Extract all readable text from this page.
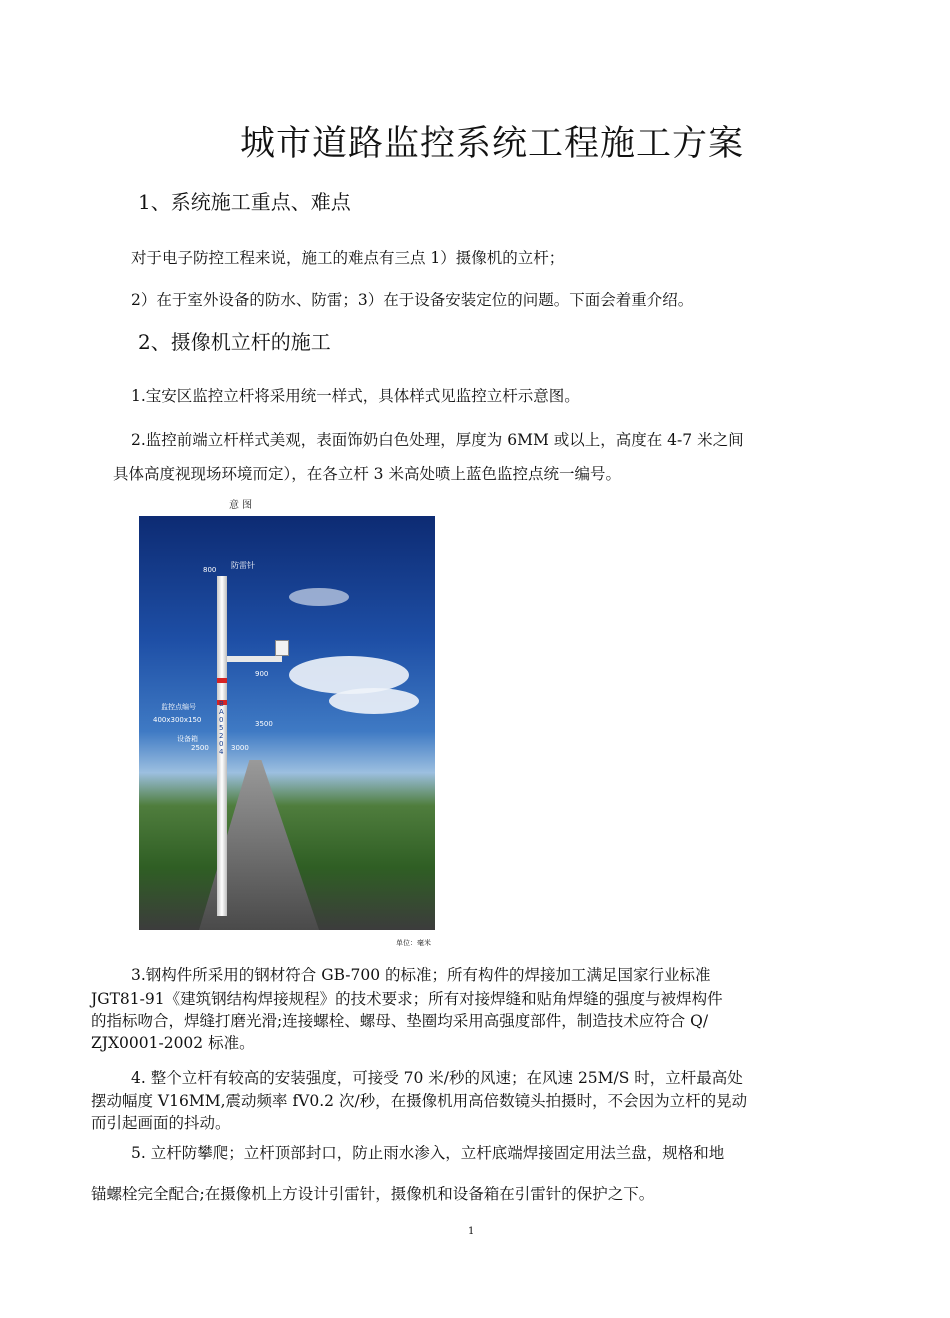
城市道路监控系统工程施工方案
1、系统施工重点、难点
对于电子防控工程来说，施工的难点有三点 1）摄像机的立杆；
2）在于室外设备的防水、防雷；3）在于设备安装定位的问题。下面会着重介绍。
2、摄像机立杆的施工
1.宝安区监控立杆将采用统一样式，具体样式见监控立杆示意图。
2.监控前端立杆样式美观，表面饰奶白色处理，厚度为 6MM 或以上，高度在 4-7 米之间
具体高度视现场环境而定），在各立杆 3 米高处喷上蓝色监控点统一编号。
意 图
防雷针
800
900
监控点编号
400x300x150
设备箱
3500
2500	3000
BA05204
单位：毫米
3.钢构件所采用的钢材符合 GB-700 的标准；所有构件的焊接加工满足国家行业标准
JGT81-91《建筑钢结构焊接规程》的技术要求；所有对接焊缝和贴角焊缝的强度与被焊构件
的指标吻合，焊缝打磨光滑;连接螺栓、螺母、垫圈均采用高强度部件，制造技术应符合 Q/
ZJX0001-2002 标准。
4. 整个立杆有较高的安装强度，可接受 70 米/秒的风速；在风速 25M/S 时，立杆最高处
摆动幅度 V16MM,震动频率 fV0.2 次/秒，在摄像机用高倍数镜头拍摄时，不会因为立杆的晃动
而引起画面的抖动。
5. 立杆防攀爬；立杆顶部封口，防止雨水渗入，立杆底端焊接固定用法兰盘，规格和地
锚螺栓完全配合;在摄像机上方设计引雷针，摄像机和设备箱在引雷针的保护之下。
1
